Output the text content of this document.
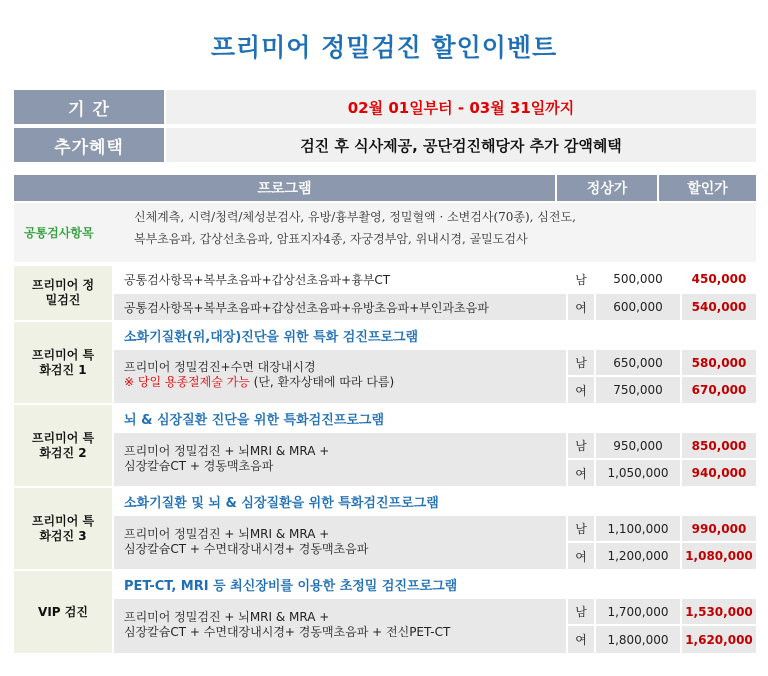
프리미어 정밀검진 할인이벤트
기 간	02월 01일부터 - 03월 31일까지
추가혜택	검진 후 식사제공, 공단검진해당자 추가 감액혜택
프로그램	정상가	할인가
공통검사항목
신체계측, 시력/청력/체성분검사, 유방/흉부촬영, 정밀혈액 · 소변검사(70종), 심전도,
복부초음파, 갑상선초음파, 암표지자4종, 자궁경부암, 위내시경, 골밀도검사
프리미어 정밀검진
공통검사항목+복부초음파+갑상선초음파+흉부CT	남	500,000	450,000
공통검사항목+복부초음파+갑상선초음파+유방초음파+부인과초음파	여	600,000	540,000
프리미어 특화검진 1
소화기질환(위,대장)진단을 위한 특화 검진프로그램
프리미어 정밀검진+수면 대장내시경
※ 당일 용종절제술 가능 (단, 환자상태에 따라 다름)
남	650,000	580,000
여	750,000	670,000
프리미어 특화검진 2
뇌 & 심장질환 진단을 위한 특화검진프로그램
프리미어 정밀검진 + 뇌MRI & MRA +
심장칼슘CT + 경동맥초음파
남	950,000	850,000
여	1,050,000	940,000
프리미어 특화검진 3
소화기질환 및 뇌 & 심장질환을 위한 특화검진프로그램
프리미어 정밀검진 + 뇌MRI & MRA +
심장칼슘CT + 수면대장내시경+ 경동맥초음파
남	1,100,000	990,000
여	1,200,000	1,080,000
VIP 검진
PET-CT, MRI 등 최신장비를 이용한 초정밀 검진프로그램
프리미어 정밀검진 + 뇌MRI & MRA +
심장칼슘CT + 수면대장내시경+ 경동맥초음파 + 전신PET-CT
남	1,700,000	1,530,000
여	1,800,000	1,620,000
